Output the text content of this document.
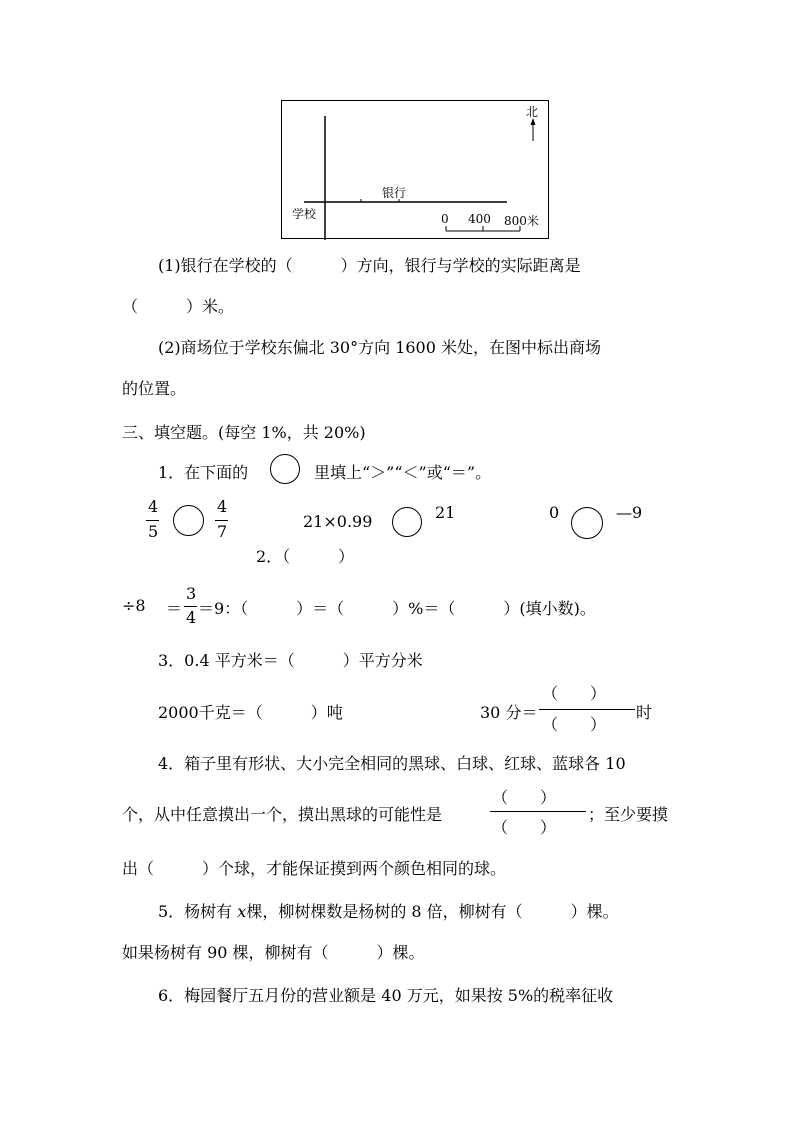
北
银行
学校	0 400 800米
(1)银行在学校的（　　　）方向，银行与学校的实际距离是
（　　　）米。
(2)商场位于学校东偏北 30°方向 1600 米处，在图中标出商场
的位置。
三、填空题。(每空 1%，共 20%)
1．在下面的	里填上“＞”“＜”或“＝”。
4
5
4
7
21×0.99	21	0	—9
2．（　　　）
÷8 ＝
3
4 ＝9：（　　　）＝（　　　）%＝（　　　）(填小数)。
3．0.4 平方米＝（　　　）平方分米
2000千克＝（　　　）吨	30 分＝
（　　）
（　　）
时
4．箱子里有形状、大小完全相同的黑球、白球、红球、蓝球各 10
个，从中任意摸出一个，摸出黑球的可能性是
（　　）
（　　）
；至少要摸
出（　　　）个球，才能保证摸到两个颜色相同的球。
5．杨树有 x棵，柳树棵数是杨树的 8 倍，柳树有（　　　）棵。
如果杨树有 90 棵，柳树有（　　　）棵。
6．梅园餐厅五月份的营业额是 40 万元，如果按 5%的税率征收
